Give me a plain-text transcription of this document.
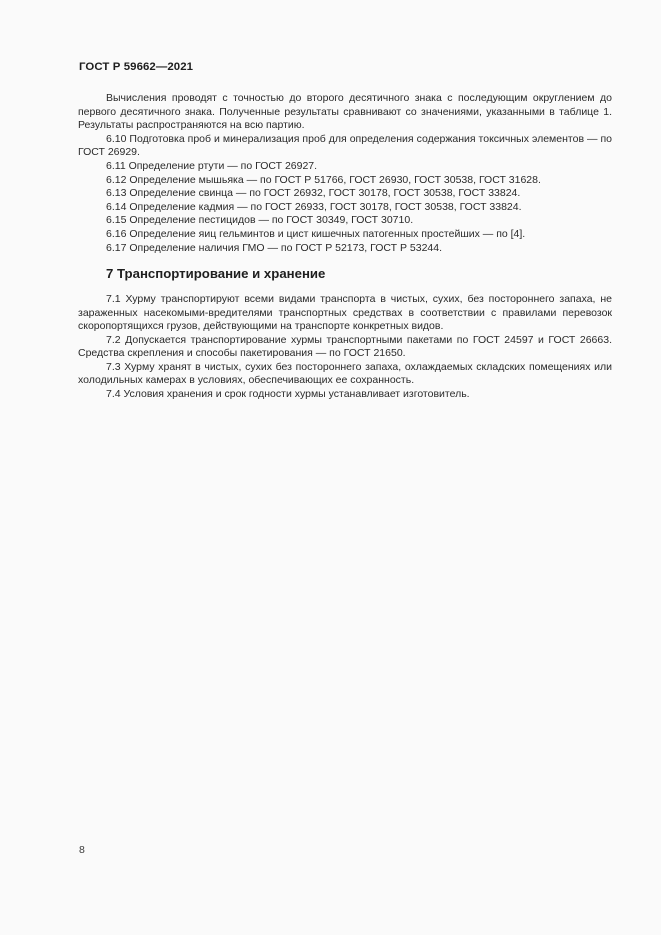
ГОСТ Р 59662—2021

Вычисления проводят с точностью до второго десятичного знака с последующим округлением до первого десятичного знака. Полученные результаты сравнивают со значениями, указанными в таблице 1. Результаты распространяются на всю партию.

6.10 Подготовка проб и минерализация проб для определения содержания токсичных элементов — по ГОСТ 26929.

6.11 Определение ртути — по ГОСТ 26927.

6.12 Определение мышьяка — по ГОСТ Р 51766, ГОСТ 26930, ГОСТ 30538, ГОСТ 31628.

6.13 Определение свинца — по ГОСТ 26932, ГОСТ 30178, ГОСТ 30538, ГОСТ 33824.

6.14 Определение кадмия — по ГОСТ 26933, ГОСТ 30178, ГОСТ 30538, ГОСТ 33824.

6.15 Определение пестицидов — по ГОСТ 30349, ГОСТ 30710.

6.16 Определение яиц гельминтов и цист кишечных патогенных простейших — по [4].

6.17 Определение наличия ГМО — по ГОСТ Р 52173, ГОСТ Р 53244.

7 Транспортирование и хранение

7.1 Хурму транспортируют всеми видами транспорта в чистых, сухих, без постороннего запаха, не зараженных насекомыми-вредителями транспортных средствах в соответствии с правилами перевозок скоропортящихся грузов, действующими на транспорте конкретных видов.

7.2 Допускается транспортирование хурмы транспортными пакетами по ГОСТ 24597 и ГОСТ 26663. Средства скрепления и способы пакетирования — по ГОСТ 21650.

7.3 Хурму хранят в чистых, сухих без постороннего запаха, охлаждаемых складских помещениях или холодильных камерах в условиях, обеспечивающих ее сохранность.

7.4 Условия хранения и срок годности хурмы устанавливает изготовитель.

8
